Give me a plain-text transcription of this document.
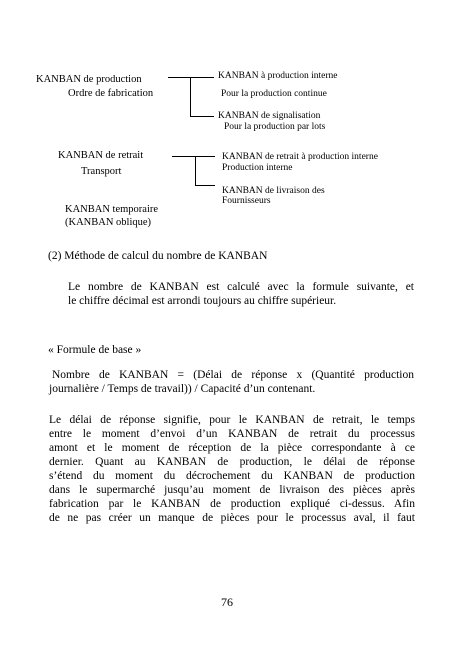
KANBAN de production
Ordre de fabrication
KANBAN à production interne
Pour la production continue
KANBAN de signalisation
Pour la production par lots
KANBAN de retrait
Transport
KANBAN de retrait à production interne
Production interne
KANBAN de livraison des
Fournisseurs
KANBAN temporaire
(KANBAN oblique)
(2) Méthode de calcul du nombre de KANBAN
Le nombre de KANBAN est calculé avec la formule suivante, et
le chiffre décimal est arrondi toujours au chiffre supérieur.
« Formule de base »
Nombre de KANBAN = (Délai de réponse x (Quantité production
journalière / Temps de travail)) / Capacité d’un contenant.
Le délai de réponse signifie, pour le KANBAN de retrait, le temps
entre le moment d’envoi d’un KANBAN de retrait du processus
amont et le moment de réception de la pièce correspondante à ce
dernier. Quant au KANBAN de production, le délai de réponse
s’étend du moment du décrochement du KANBAN de production
dans le supermarché jusqu’au moment de livraison des pièces après
fabrication par le KANBAN de production expliqué ci-dessus. Afin
de ne pas créer un manque de pièces pour le processus aval, il faut
76
